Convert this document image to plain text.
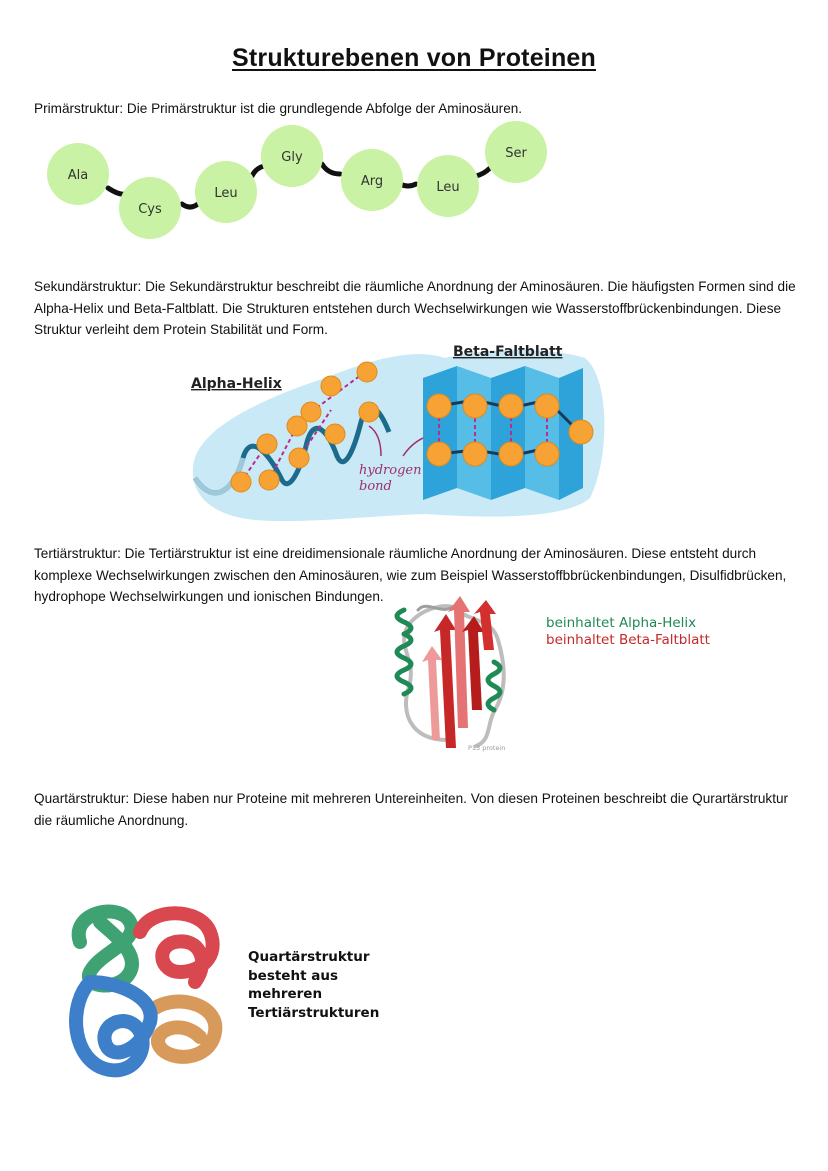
Strukturebenen von Proteinen
Primärstruktur: Die Primärstruktur ist die grundlegende Abfolge der Aminosäuren.
Ala
Cys
Leu
Gly
Arg	Leu
Ser
Sekundärstruktur: Die Sekundärstruktur beschreibt die räumliche Anordnung der Aminosäuren. Die häufigsten Formen sind die Alpha-Helix und Beta-Faltblatt. Die Strukturen entstehen durch Wechselwirkungen wie Wasserstoffbrückenbindungen. Diese Struktur verleiht dem Protein Stabilität und Form.
Alpha-Helix
hydrogen
bond
Beta-Faltblatt
Tertiärstruktur: Die Tertiärstruktur ist eine dreidimensionale räumliche Anordnung der Aminosäuren. Diese entsteht durch komplexe Wechselwirkungen zwischen den Aminosäuren, wie zum Beispiel Wasserstoffbbrückenbindungen, Disulfidbrücken, hydrophope Wechselwirkungen und ionischen Bindungen.
P13 protein
beinhaltet Alpha-Helix
beinhaltet Beta-Faltblatt
Quartärstruktur: Diese haben nur Proteine mit mehreren Untereinheiten. Von diesen Proteinen beschreibt die Qurartärstruktur die räumliche Anordnung.
Quartärstruktur
besteht aus
mehreren
Tertiärstrukturen
